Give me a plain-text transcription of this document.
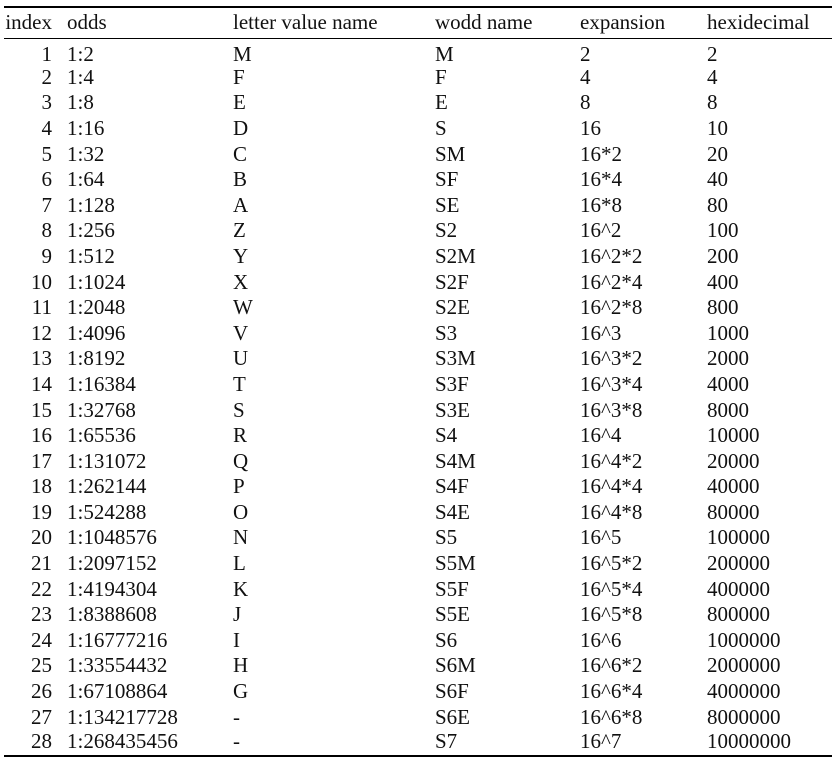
index	odds	letter value name	wodd name	expansion	hexidecimal
1	1:2	M	M	2	2
2	1:4	F	F	4	4
3	1:8	E	E	8	8
4	1:16	D	S	16	10
5	1:32	C	SM	16*2	20
6	1:64	B	SF	16*4	40
7	1:128	A	SE	16*8	80
8	1:256	Z	S2	16^2	100
9	1:512	Y	S2M	16^2*2	200
10	1:1024	X	S2F	16^2*4	400
11	1:2048	W	S2E	16^2*8	800
12	1:4096	V	S3	16^3	1000
13	1:8192	U	S3M	16^3*2	2000
14	1:16384	T	S3F	16^3*4	4000
15	1:32768	S	S3E	16^3*8	8000
16	1:65536	R	S4	16^4	10000
17	1:131072	Q	S4M	16^4*2	20000
18	1:262144	P	S4F	16^4*4	40000
19	1:524288	O	S4E	16^4*8	80000
20	1:1048576	N	S5	16^5	100000
21	1:2097152	L	S5M	16^5*2	200000
22	1:4194304	K	S5F	16^5*4	400000
23	1:8388608	J	S5E	16^5*8	800000
24	1:16777216	I	S6	16^6	1000000
25	1:33554432	H	S6M	16^6*2	2000000
26	1:67108864	G	S6F	16^6*4	4000000
27	1:134217728	-	S6E	16^6*8	8000000
28	1:268435456	-	S7	16^7	10000000
